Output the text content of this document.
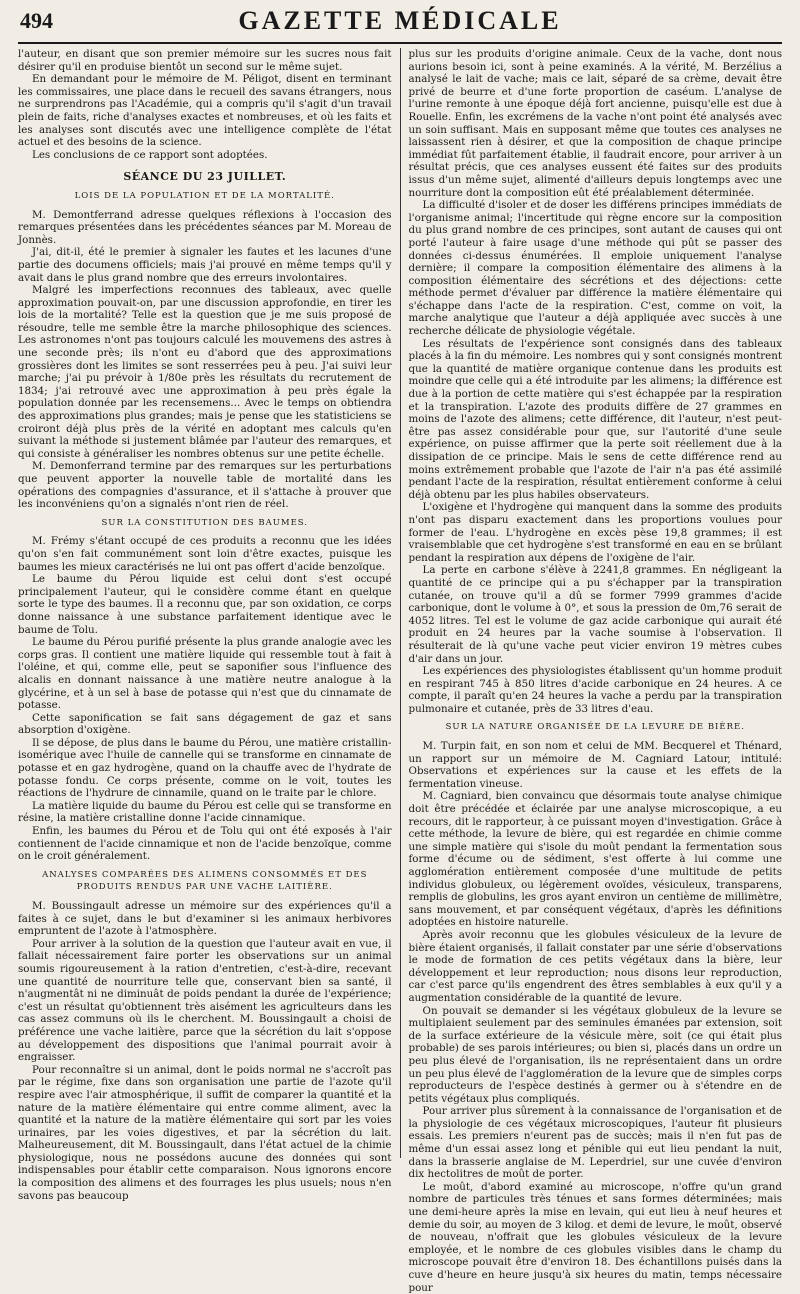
494	GAZETTE MÉDICALE

l'auteur, en disant que son premier mémoire sur les sucres nous fait désirer qu'il en produise bientôt un second sur le même sujet.

En demandant pour le mémoire de M. Péligot, disent en terminant les commissaires, une place dans le recueil des savans étrangers, nous ne surprendrons pas l'Académie, qui a compris qu'il s'agit d'un travail plein de faits, riche d'analyses exactes et nombreuses, et où les faits et les analyses sont discutés avec une intelligence complète de l'état actuel et des besoins de la science.

Les conclusions de ce rapport sont adoptées.

SÉANCE DU 23 JUILLET.
LOIS DE LA POPULATION ET DE LA MORTALITÉ.

M. Demontferrand adresse quelques réflexions à l'occasion des remarques présentées dans les précédentes séances par M. Moreau de Jonnès.

J'ai, dit-il, été le premier à signaler les fautes et les lacunes d'une partie des documens officiels; mais j'ai prouvé en même temps qu'il y avait dans le plus grand nombre que des erreurs involontaires.

Malgré les imperfections reconnues des tableaux, avec quelle approximation pouvait-on, par une discussion approfondie, en tirer les lois de la mortalité? Telle est la question que je me suis proposé de résoudre, telle me semble être la marche philosophique des sciences. Les astronomes n'ont pas toujours calculé les mouvemens des astres à une seconde près; ils n'ont eu d'abord que des approximations grossières dont les limites se sont resserrées peu à peu. J'ai suivi leur marche; j'ai pu prévoir à 1/80e près les résultats du recrutement de 1834; j'ai retrouvé avec une approximation à peu près égale la population donnée par les recensemens... Avec le temps on obtiendra des approximations plus grandes; mais je pense que les statisticiens se croiront déjà plus près de la vérité en adoptant mes calculs qu'en suivant la méthode si justement blâmée par l'auteur des remarques, et qui consiste à généraliser les nombres obtenus sur une petite échelle.

M. Demonferrand termine par des remarques sur les perturbations que peuvent apporter la nouvelle table de mortalité dans les opérations des compagnies d'assurance, et il s'attache à prouver que les inconvéniens qu'on a signalés n'ont rien de réel.

SUR LA CONSTITUTION DES BAUMES.

M. Frémy s'étant occupé de ces produits a reconnu que les idées qu'on s'en fait communément sont loin d'être exactes, puisque les baumes les mieux caractérisés ne lui ont pas offert d'acide benzoïque.

Le baume du Pérou liquide est celui dont s'est occupé principalement l'auteur, qui le considère comme étant en quelque sorte le type des baumes. Il a reconnu que, par son oxidation, ce corps donne naissance à une substance parfaitement identique avec le baume de Tolu.

Le baume du Pérou purifié présente la plus grande analogie avec les corps gras. Il contient une matière liquide qui ressemble tout à fait à l'oléine, et qui, comme elle, peut se saponifier sous l'influence des alcalis en donnant naissance à une matière neutre analogue à la glycérine, et à un sel à base de potasse qui n'est que du cinnamate de potasse.

Cette saponification se fait sans dégagement de gaz et sans absorption d'oxigène.

Il se dépose, de plus dans le baume du Pérou, une matière cristallin-isomérique avec l'huile de cannelle qui se transforme en cinnamate de potasse et en gaz hydrogène, quand on la chauffe avec de l'hydrate de potasse fondu. Ce corps présente, comme on le voit, toutes les réactions de l'hydrure de cinnamile, quand on le traite par le chlore.

La matière liquide du baume du Pérou est celle qui se transforme en résine, la matière cristalline donne l'acide cinnamique.

Enfin, les baumes du Pérou et de Tolu qui ont été exposés à l'air contiennent de l'acide cinnamique et non de l'acide benzoïque, comme on le croit généralement.

ANALYSES COMPARÉES DES ALIMENS CONSOMMÉS ET DES PRODUITS RENDUS PAR UNE VACHE LAITIÈRE.

M. Boussingault adresse un mémoire sur des expériences qu'il a faites à ce sujet, dans le but d'examiner si les animaux herbivores empruntent de l'azote à l'atmosphère.

Pour arriver à la solution de la question que l'auteur avait en vue, il fallait nécessairement faire porter les observations sur un animal soumis rigoureusement à la ration d'entretien, c'est-à-dire, recevant une quantité de nourriture telle que, conservant bien sa santé, il n'augmentât ni ne diminuât de poids pendant la durée de l'expérience; c'est un résultat qu'obtiennent très aisément les agriculteurs dans les cas assez communs où ils le cherchent. M. Boussingault a choisi de préférence une vache laitière, parce que la sécrétion du lait s'oppose au développement des dispositions que l'animal pourrait avoir à engraisser.

Pour reconnaître si un animal, dont le poids normal ne s'accroît pas par le régime, fixe dans son organisation une partie de l'azote qu'il respire avec l'air atmosphérique, il suffit de comparer la quantité et la nature de la matière élémentaire qui entre comme aliment, avec la quantité et la nature de la matière élémentaire qui sort par les voies urinaires, par les voies digestives, et par la sécrétion du lait. Malheureusement, dit M. Boussingault, dans l'état actuel de la chimie physiologique, nous ne possédons aucune des données qui sont indispensables pour établir cette comparaison. Nous ignorons encore la composition des alimens et des fourrages les plus usuels; nous n'en savons pas beaucoup

plus sur les produits d'origine animale. Ceux de la vache, dont nous aurions besoin ici, sont à peine examinés. A la vérité, M. Berzélius a analysé le lait de vache; mais ce lait, séparé de sa crème, devait être privé de beurre et d'une forte proportion de caséum. L'analyse de l'urine remonte à une époque déjà fort ancienne, puisqu'elle est due à Rouelle. Enfin, les excrémens de la vache n'ont point été analysés avec un soin suffisant. Mais en supposant même que toutes ces analyses ne laissassent rien à désirer, et que la composition de chaque principe immédiat fût parfaitement établie, il faudrait encore, pour arriver à un résultat précis, que ces analyses eussent été faites sur des produits issus d'un même sujet, alimenté d'ailleurs depuis longtemps avec une nourriture dont la composition eût été préalablement déterminée.

La difficulté d'isoler et de doser les différens principes immédiats de l'organisme animal; l'incertitude qui règne encore sur la composition du plus grand nombre de ces principes, sont autant de causes qui ont porté l'auteur à faire usage d'une méthode qui pût se passer des données ci-dessus énumérées. Il emploie uniquement l'analyse dernière; il compare la composition élémentaire des alimens à la composition élémentaire des sécrétions et des déjections: cette méthode permet d'évaluer par différence la matière élémentaire qui s'échappe dans l'acte de la respiration. C'est, comme on voit, la marche analytique que l'auteur a déjà appliquée avec succès à une recherche délicate de physiologie végétale.

Les résultats de l'expérience sont consignés dans des tableaux placés à la fin du mémoire. Les nombres qui y sont consignés montrent que la quantité de matière organique contenue dans les produits est moindre que celle qui a été introduite par les alimens; la différence est due à la portion de cette matière qui s'est échappée par la respiration et la transpiration. L'azote des produits diffère de 27 grammes en moins de l'azote des alimens; cette différence, dit l'auteur, n'est peut-être pas assez considérable pour que, sur l'autorité d'une seule expérience, on puisse affirmer que la perte soit réellement due à la dissipation de ce principe. Mais le sens de cette différence rend au moins extrêmement probable que l'azote de l'air n'a pas été assimilé pendant l'acte de la respiration, résultat entièrement conforme à celui déjà obtenu par les plus habiles observateurs.

L'oxigène et l'hydrogène qui manquent dans la somme des produits n'ont pas disparu exactement dans les proportions voulues pour former de l'eau. L'hydrogène en excès pèse 19,8 grammes; il est vraisemblable que cet hydrogène s'est transformé en eau en se brûlant pendant la respiration aux dépens de l'oxigène de l'air.

La perte en carbone s'élève à 2241,8 grammes. En négligeant la quantité de ce principe qui a pu s'échapper par la transpiration cutanée, on trouve qu'il a dû se former 7999 grammes d'acide carbonique, dont le volume à 0°, et sous la pression de 0m,76 serait de 4052 litres. Tel est le volume de gaz acide carbonique qui aurait été produit en 24 heures par la vache soumise à l'observation. Il résulterait de là qu'une vache peut vicier environ 19 mètres cubes d'air dans un jour.

Les expériences des physiologistes établissent qu'un homme produit en respirant 745 à 850 litres d'acide carbonique en 24 heures. A ce compte, il paraît qu'en 24 heures la vache a perdu par la transpiration pulmonaire et cutanée, près de 33 litres d'eau.

SUR LA NATURE ORGANISÉE DE LA LEVURE DE BIÈRE.

M. Turpin fait, en son nom et celui de MM. Becquerel et Thénard, un rapport sur un mémoire de M. Cagniard Latour, intitulé: Observations et expériences sur la cause et les effets de la fermentation vineuse.

M. Cagniard, bien convaincu que désormais toute analyse chimique doit être précédée et éclairée par une analyse microscopique, a eu recours, dit le rapporteur, à ce puissant moyen d'investigation. Grâce à cette méthode, la levure de bière, qui est regardée en chimie comme une simple matière qui s'isole du moût pendant la fermentation sous forme d'écume ou de sédiment, s'est offerte à lui comme une agglomération entièrement composée d'une multitude de petits individus globuleux, ou légèrement ovoïdes, vésiculeux, transparens, remplis de globulins, les gros ayant environ un centième de millimètre, sans mouvement, et par conséquent végétaux, d'après les définitions adoptées en histoire naturelle.

Après avoir reconnu que les globules vésiculeux de la levure de bière étaient organisés, il fallait constater par une série d'observations le mode de formation de ces petits végétaux dans la bière, leur développement et leur reproduction; nous disons leur reproduction, car c'est parce qu'ils engendrent des êtres semblables à eux qu'il y a augmentation considérable de la quantité de levure.

On pouvait se demander si les végétaux globuleux de la levure se multiplaient seulement par des seminules émanées par extension, soit de la surface extérieure de la vésicule mère, soit (ce qui était plus probable) de ses parois intérieures; ou bien si, placés dans un ordre un peu plus élevé de l'organisation, ils ne représentaient dans un ordre un peu plus élevé de l'agglomération de la levure que de simples corps reproducteurs de l'espèce destinés à germer ou à s'étendre en de petits végétaux plus compliqués.

Pour arriver plus sûrement à la connaissance de l'organisation et de la physiologie de ces végétaux microscopiques, l'auteur fit plusieurs essais. Les premiers n'eurent pas de succès; mais il n'en fut pas de même d'un essai assez long et pénible qui eut lieu pendant la nuit, dans la brasserie anglaise de M. Leperdriel, sur une cuvée d'environ dix hectolitres de moût de porter.

Le moût, d'abord examiné au microscope, n'offre qu'un grand nombre de particules très ténues et sans formes déterminées; mais une demi-heure après la mise en levain, qui eut lieu à neuf heures et demie du soir, au moyen de 3 kilog. et demi de levure, le moût, observé de nouveau, n'offrait que les globules vésiculeux de la levure employée, et le nombre de ces globules visibles dans le champ du microscope pouvait être d'environ 18. Des échantillons puisés dans la cuve d'heure en heure jusqu'à six heures du matin, temps nécessaire pour
